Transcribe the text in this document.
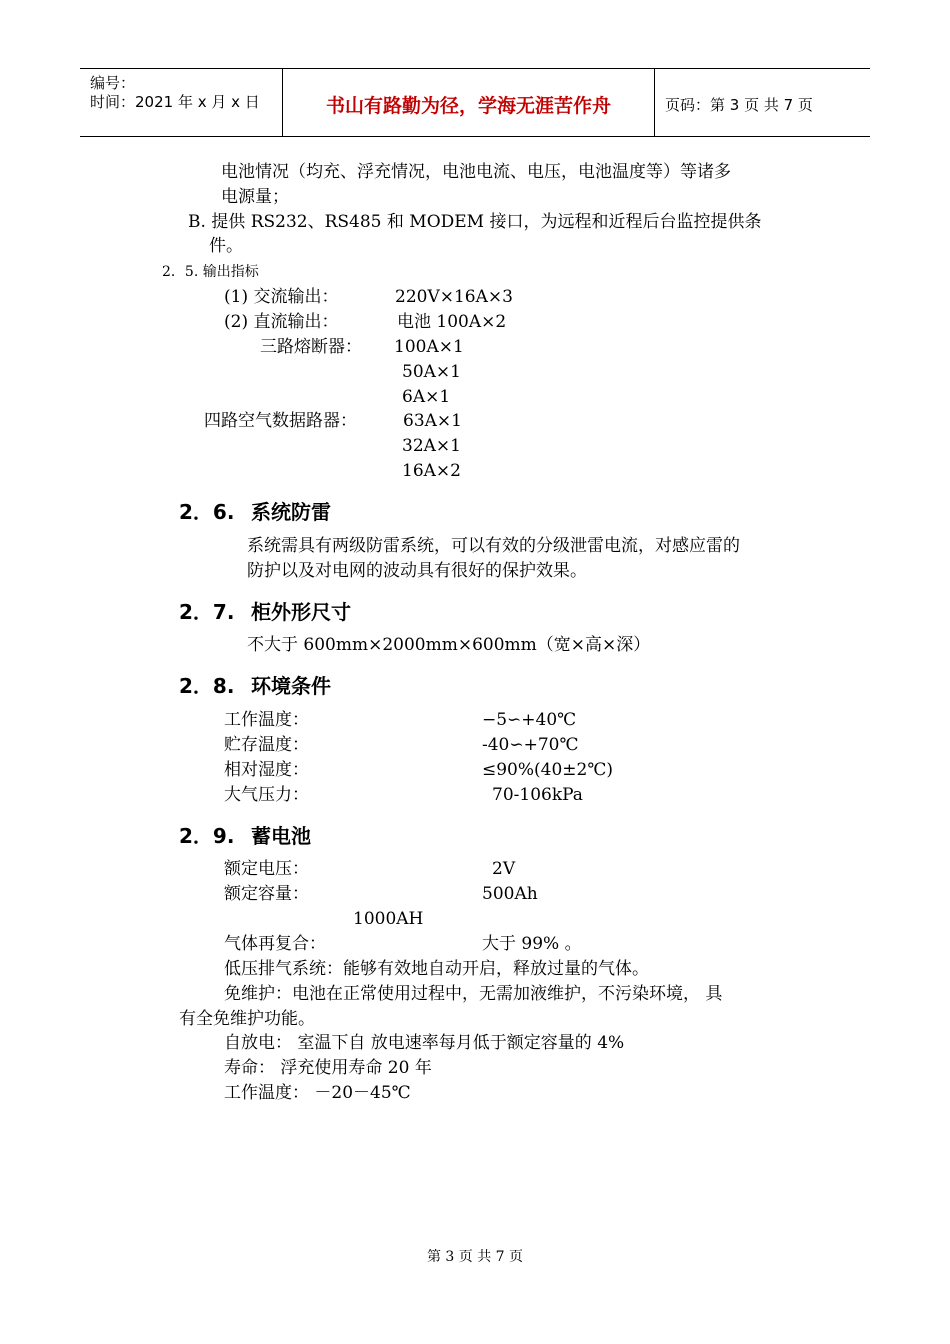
编号：
时间：2021 年 x 月 x 日	书山有路勤为径，学海无涯苦作舟	页码：第 3 页 共 7 页
电池情况（均充、浮充情况，电池电流、电压，电池温度等）等诸多
电源量；
B. 提供 RS232、RS485 和 MODEM 接口，为远程和近程后台监控提供条
件。
2．5. 输出指标
(1) 交流输出：	220V×16A×3
(2) 直流输出：	电池 100A×2
三路熔断器： 100A×1
50A×1
6A×1
四路空气数据路器：	63A×1
32A×1
16A×2
2．6. 系统防雷
系统需具有两级防雷系统，可以有效的分级泄雷电流，对感应雷的
防护以及对电网的波动具有很好的保护效果。
2．7. 柜外形尺寸
不大于 600mm×2000mm×600mm（宽×高×深）
2．8. 环境条件
工作温度：	−5∽+40℃
贮存温度：	-40∽+70℃
相对湿度：	≤90%(40±2℃)
大气压力：	70-106kPa
2．9. 蓄电池
额定电压：	2V
额定容量：	500Ah
1000AH
气体再复合：	大于 99% 。
低压排气系统：能够有效地自动开启，释放过量的气体。
免维护：电池在正常使用过程中，无需加液维护，不污染环境， 具
有全免维护功能。
自放电： 室温下自 放电速率每月低于额定容量的 4%
寿命： 浮充使用寿命 20 年
工作温度： －20－45℃
第 3 页 共 7 页
